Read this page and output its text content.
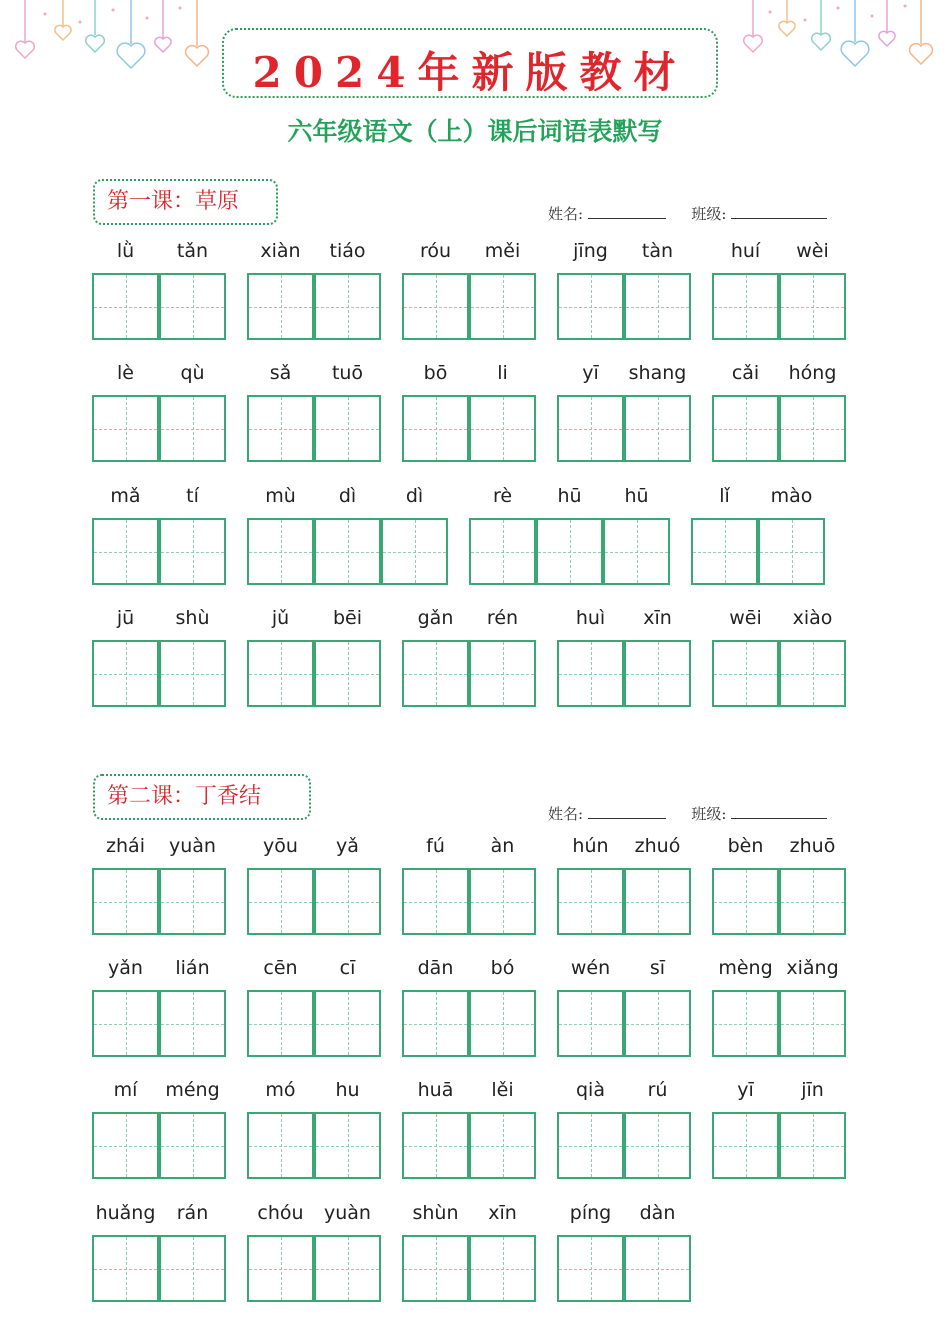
2024年新版教材
六年级语文（上）课后词语表默写
第一课：草原	姓名:	班级:
第二课：丁香结
姓名:	班级:
lǜ	tǎn	xiàn	tiáo	róu	měi	jīng	tàn	huí	wèi
lè	qù	sǎ	tuō	bō	li	yī	shang	cǎi	hóng
mǎ	tí	mù	dì	dì	rè	hū	hū	lǐ	mào
jū	shù	jǔ	bēi	gǎn	rén	huì	xīn	wēi	xiào
zhái	yuàn	yōu	yǎ	fú	àn	hún	zhuó	bèn	zhuō
yǎn	lián	cēn	cī	dān	bó	wén	sī	mèng xiǎng
mí	méng	mó	hu	huā	lěi	qià	rú	yī	jīn
huǎng	rán	chóu	yuàn	shùn	xīn	píng	dàn
